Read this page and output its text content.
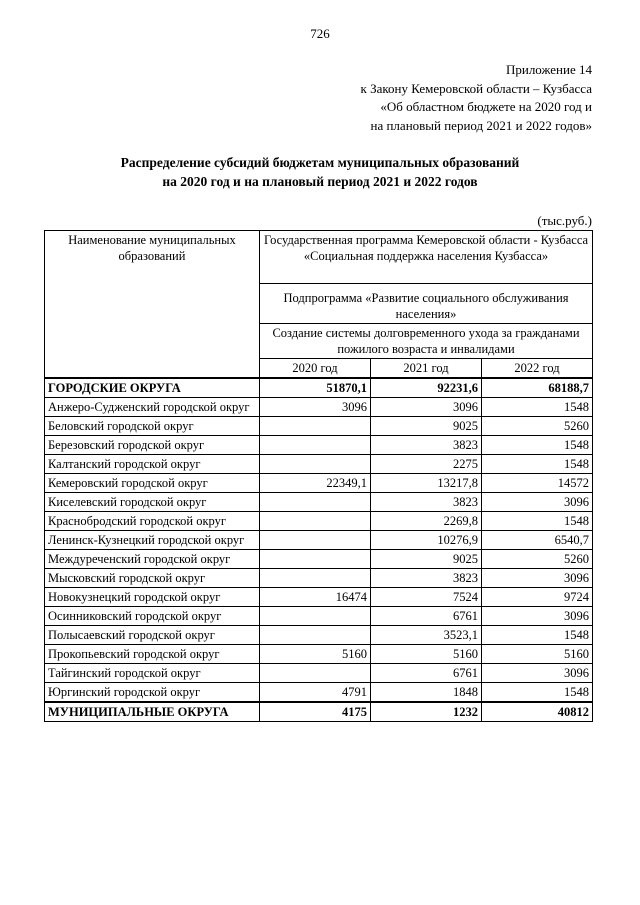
726
Приложение 14
к Закону Кемеровской области – Кузбасса
«Об областном бюджете на 2020 год и
на плановый период 2021 и 2022 годов»
Распределение субсидий бюджетам муниципальных образований
на 2020 год и на плановый период 2021 и 2022 годов
(тыс.руб.)
Наименование муниципальных образований	Государственная программа Кемеровской области - Кузбасса «Социальная поддержка населения Кузбасса»		
	Подпрограмма «Развитие социального обслуживания населения»		
	Создание системы долговременного ухода за гражданами пожилого возраста и инвалидами		
	2020 год	2021 год	2022 год
ГОРОДСКИЕ ОКРУГА	51870,1	92231,6	68188,7
Анжеро-Судженский городской округ	3096	3096	1548
Беловский городской округ		9025	5260
Березовский городской округ		3823	1548
Калтанский городской округ		2275	1548
Кемеровский городской округ	22349,1	13217,8	14572
Киселевский городской округ		3823	3096
Краснобродский городской округ		2269,8	1548
Ленинск-Кузнецкий городской округ		10276,9	6540,7
Междуреченский городской округ		9025	5260
Мысковский городской округ		3823	3096
Новокузнецкий городской округ	16474	7524	9724
Осинниковский городской округ		6761	3096
Полысаевский городской округ		3523,1	1548
Прокопьевский городской округ	5160	5160	5160
Тайгинский городской округ		6761	3096
Юргинский городской округ	4791	1848	1548
МУНИЦИПАЛЬНЫЕ ОКРУГА	4175	1232	40812
